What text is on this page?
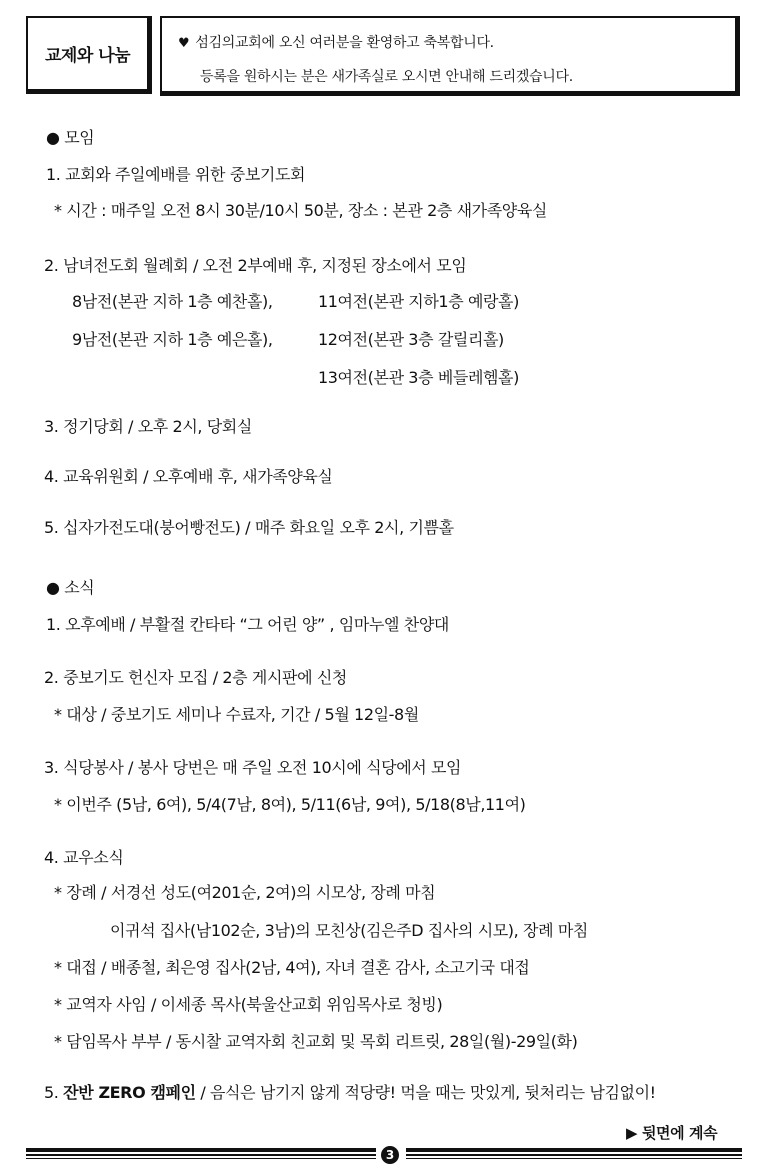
교제와 나눔
♥ 섬김의교회에 오신 여러분을 환영하고 축복합니다.
등록을 원하시는 분은 새가족실로 오시면 안내해 드리겠습니다.
● 모임
1. 교회와 주일예배를 위한 중보기도회
* 시간 : 매주일 오전 8시 30분/10시 50분, 장소 : 본관 2층 새가족양육실
2. 남녀전도회 월례회 / 오전 2부예배 후, 지정된 장소에서 모임
8남전(본관 지하 1층 예찬홀),	11여전(본관 지하1층 예랑홀)
9남전(본관 지하 1층 예은홀),	12여전(본관 3층 갈릴리홀)
13여전(본관 3층 베들레헴홀)
3. 정기당회 / 오후 2시, 당회실
4. 교육위원회 / 오후예배 후, 새가족양육실
5. 십자가전도대(붕어빵전도) / 매주 화요일 오후 2시, 기쁨홀
● 소식
1. 오후예배 / 부활절 칸타타 “그 어린 양” , 임마누엘 찬양대
2. 중보기도 헌신자 모집 / 2층 게시판에 신청
* 대상 / 중보기도 세미나 수료자, 기간 / 5월 12일-8월
3. 식당봉사 / 봉사 당번은 매 주일 오전 10시에 식당에서 모임
* 이번주 (5남, 6여), 5/4(7남, 8여), 5/11(6남, 9여), 5/18(8남,11여)
4. 교우소식
* 장례 / 서경선 성도(여201순, 2여)의 시모상, 장례 마침
이귀석 집사(남102순, 3남)의 모친상(김은주D 집사의 시모), 장례 마침
* 대접 / 배종철, 최은영 집사(2남, 4여), 자녀 결혼 감사, 소고기국 대접
* 교역자 사임 / 이세종 목사(북울산교회 위임목사로 청빙)
* 담임목사 부부 / 동시찰 교역자회 친교회 및 목회 리트릿, 28일(월)-29일(화)
5. 잔반 ZERO 캠페인 / 음식은 남기지 않게 적당량! 먹을 때는 맛있게, 뒷처리는 남김없이!
▶ 뒷면에 계속
3
